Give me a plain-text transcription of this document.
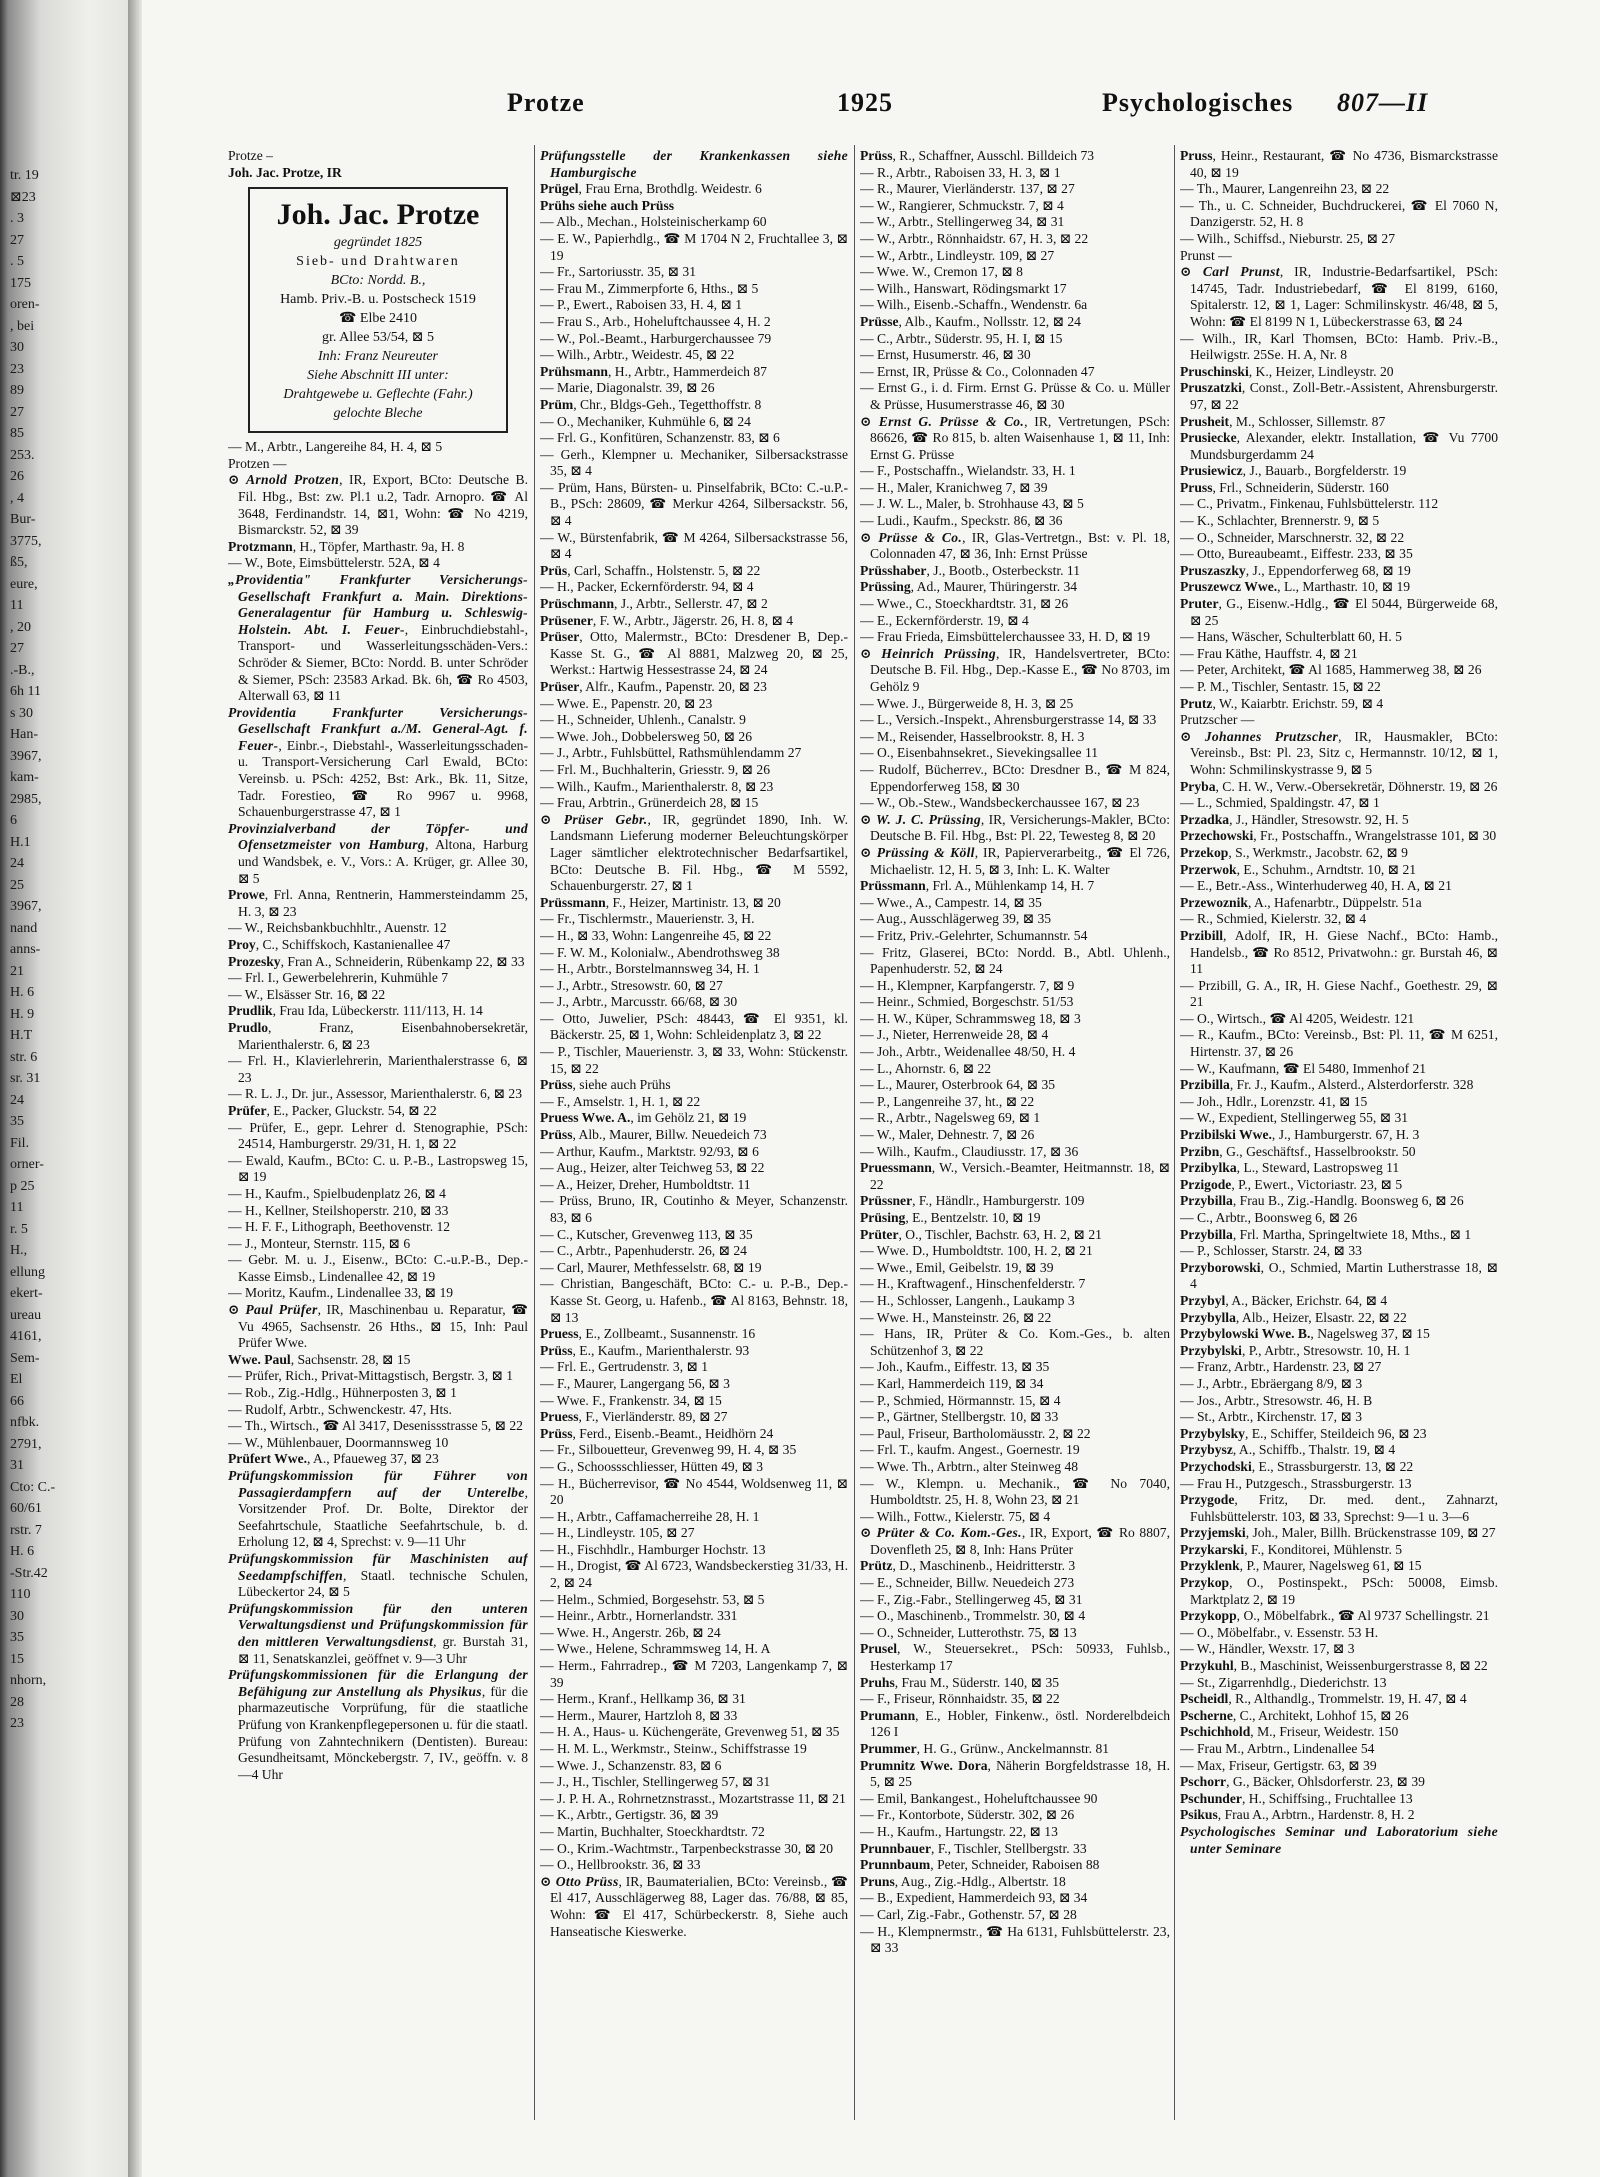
tr. 19
⊠23
. 3
27
. 5
175
oren-
, bei
30
23
89
27
85
253.
26
, 4
Bur-
3775,
ß5,
eure,
11
, 20
27
.-B.,
6h 11
s 30
Han-
3967,
kam-
2985,
6
H.1
24
25
3967,
nand
anns-
21
H. 6
H. 9
H.T
str. 6
sr. 31
24
35
Fil.
orner-
p 25
11
r. 5
H.,
ellung
ekert-
ureau
4161,
Sem-
El
66
nfbk.
2791,
31
Cto: C.-
60/61
rstr. 7
H. 6
-Str.42
110
30
35
15
nhorn,
28
23
Protze	1925	Psychologisches 807—II

Protze –

Joh. Jac. Protze, IR

Joh. Jac. Protze
gegründet 1825
Sieb- und Drahtwaren
BCto: Nordd. B.,
Hamb. Priv.-B. u. Postscheck 1519
☎ Elbe 2410
gr. Allee 53/54, ⊠ 5
Inh: Franz Neureuter
Siehe Abschnitt III unter:
Drahtgewebe u. Geflechte (Fahr.)
gelochte Bleche

— M., Arbtr., Langereihe 84, H. 4, ⊠ 5

Protzen —

⊙ Arnold Protzen, IR, Export, BCto: Deutsche B. Fil. Hbg., Bst: zw. Pl.1 u.2, Tadr. Arnopro. ☎ Al 3648, Ferdinandstr. 14, ⊠1, Wohn: ☎ No 4219, Bismarckstr. 52, ⊠ 39

Protzmann, H., Töpfer, Marthastr. 9a, H. 8

— W., Bote, Eimsbüttelerstr. 52A, ⊠ 4

„Providentia" Frankfurter Versicherungs-Gesellschaft Frankfurt a. Main. Direktions-Generalagentur für Hamburg u. Schleswig-Holstein. Abt. I. Feuer-, Einbruchdiebstahl-, Transport- und Wasserleitungsschäden-Vers.: Schröder & Siemer, BCto: Nordd. B. unter Schröder & Siemer, PSch: 23583 Arkad. Bk. 6h, ☎ Ro 4503, Alterwall 63, ⊠ 11

Providentia Frankfurter Versicherungs-Gesellschaft Frankfurt a./M. General-Agt. f. Feuer-, Einbr.-, Diebstahl-, Wasserleitungsschaden- u. Transport-Versicherung Carl Ewald, BCto: Vereinsb. u. PSch: 4252, Bst: Ark., Bk. 11, Sitze, Tadr. Forestieo, ☎ Ro 9967 u. 9968, Schauenburgerstrasse 47, ⊠ 1

Provinzialverband der Töpfer- und Ofensetzmeister von Hamburg, Altona, Harburg und Wandsbek, e. V., Vors.: A. Krüger, gr. Allee 30, ⊠ 5

Prowe, Frl. Anna, Rentnerin, Hammersteindamm 25, H. 3, ⊠ 23

— W., Reichsbankbuchhltr., Auenstr. 12

Proy, C., Schiffskoch, Kastanienallee 47

Prozesky, Fran A., Schneiderin, Rübenkamp 22, ⊠ 33

— Frl. I., Gewerbelehrerin, Kuhmühle 7

— W., Elsässer Str. 16, ⊠ 22

Prudlik, Frau Ida, Lübeckerstr. 111/113, H. 14

Prudlo, Franz, Eisenbahnobersekretär, Marienthalerstr. 6, ⊠ 23

— Frl. H., Klavierlehrerin, Marienthalerstrasse 6, ⊠ 23

— R. L. J., Dr. jur., Assessor, Marienthalerstr. 6, ⊠ 23

Prüfer, E., Packer, Gluckstr. 54, ⊠ 22

— Prüfer, E., gepr. Lehrer d. Stenographie, PSch: 24514, Hamburgerstr. 29/31, H. 1, ⊠ 22

— Ewald, Kaufm., BCto: C. u. P.-B., Lastropsweg 15, ⊠ 19

— H., Kaufm., Spielbudenplatz 26, ⊠ 4

— H., Kellner, Steilshoperstr. 210, ⊠ 33

— H. F. F., Lithograph, Beethovenstr. 12

— J., Monteur, Sternstr. 115, ⊠ 6

— Gebr. M. u. J., Eisenw., BCto: C.-u.P.-B., Dep.-Kasse Eimsb., Lindenallee 42, ⊠ 19

— Moritz, Kaufm., Lindenallee 33, ⊠ 19

⊙ Paul Prüfer, IR, Maschinenbau u. Reparatur, ☎ Vu 4965, Sachsenstr. 26 Hths., ⊠ 15, Inh: Paul Prüfer Wwe.

Wwe. Paul, Sachsenstr. 28, ⊠ 15

— Prüfer, Rich., Privat-Mittagstisch, Bergstr. 3, ⊠ 1

— Rob., Zig.-Hdlg., Hühnerposten 3, ⊠ 1

— Rudolf, Arbtr., Schwenckestr. 47, Hts.

— Th., Wirtsch., ☎ Al 3417, Desenissstrasse 5, ⊠ 22

— W., Mühlenbauer, Doormannsweg 10

Prüfert Wwe., A., Pfaueweg 37, ⊠ 23

Prüfungskommission für Führer von Passagierdampfern auf der Unterelbe, Vorsitzender Prof. Dr. Bolte, Direktor der Seefahrtschule, Staatliche Seefahrtschule, b. d. Erholung 12, ⊠ 4, Sprechst: v. 9—11 Uhr

Prüfungskommission für Maschinisten auf Seedampfschiffen, Staatl. technische Schulen, Lübeckertor 24, ⊠ 5

Prüfungskommission für den unteren Verwaltungsdienst und Prüfungskommission für den mittleren Verwaltungsdienst, gr. Burstah 31, ⊠ 11, Senatskanzlei, geöffnet v. 9—3 Uhr

Prüfungskommissionen für die Erlangung der Befähigung zur Anstellung als Physikus, für die pharmazeutische Vorprüfung, für die staatliche Prüfung von Krankenpflegepersonen u. für die staatl. Prüfung von Zahntechnikern (Dentisten). Bureau: Gesundheitsamt, Mönckebergstr. 7, IV., geöffn. v. 8—4 Uhr

Prüfungsstelle der Krankenkassen siehe Hamburgische

Prügel, Frau Erna, Brothdlg. Weidestr. 6

Prühs siehe auch Prüss

— Alb., Mechan., Holsteinischerkamp 60

— E. W., Papierhdlg., ☎ M 1704 N 2, Fruchtallee 3, ⊠ 19

— Fr., Sartoriusstr. 35, ⊠ 31

— Frau M., Zimmerpforte 6, Hths., ⊠ 5

— P., Ewert., Raboisen 33, H. 4, ⊠ 1

— Frau S., Arb., Hoheluftchaussee 4, H. 2

— W., Pol.-Beamt., Harburgerchaussee 79

— Wilh., Arbtr., Weidestr. 45, ⊠ 22

Prühsmann, H., Arbtr., Hammerdeich 87

— Marie, Diagonalstr. 39, ⊠ 26

Prüm, Chr., Bldgs-Geh., Tegetthoffstr. 8

— O., Mechaniker, Kuhmühle 6, ⊠ 24

— Frl. G., Konfitüren, Schanzenstr. 83, ⊠ 6

— Gerh., Klempner u. Mechaniker, Silbersackstrasse 35, ⊠ 4

— Prüm, Hans, Bürsten- u. Pinselfabrik, BCto: C.-u.P.-B., PSch: 28609, ☎ Merkur 4264, Silbersackstr. 56, ⊠ 4

— W., Bürstenfabrik, ☎ M 4264, Silbersackstrasse 56, ⊠ 4

Prüs, Carl, Schaffn., Holstenstr. 5, ⊠ 22

— H., Packer, Eckernförderstr. 94, ⊠ 4

Prüschmann, J., Arbtr., Sellerstr. 47, ⊠ 2

Prüsener, F. W., Arbtr., Jägerstr. 26, H. 8, ⊠ 4

Prüser, Otto, Malermstr., BCto: Dresdener B, Dep.-Kasse St. G., ☎ Al 8881, Malzweg 20, ⊠ 25, Werkst.: Hartwig Hessestrasse 24, ⊠ 24

Prüser, Alfr., Kaufm., Papenstr. 20, ⊠ 23

— Wwe. E., Papenstr. 20, ⊠ 23

— H., Schneider, Uhlenh., Canalstr. 9

— Wwe. Joh., Dobbelersweg 50, ⊠ 26

— J., Arbtr., Fuhlsbüttel, Rathsmühlendamm 27

— Frl. M., Buchhalterin, Griesstr. 9, ⊠ 26

— Wilh., Kaufm., Marienthalerstr. 8, ⊠ 23

— Frau, Arbtrin., Grünerdeich 28, ⊠ 15

⊙ Prüser Gebr., IR, gegründet 1890, Inh. W. Landsmann Lieferung moderner Beleuchtungskörper Lager sämtlicher elektrotechnischer Bedarfsartikel, BCto: Deutsche B. Fil. Hbg., ☎ M 5592, Schauenburgerstr. 27, ⊠ 1

Prüssmann, F., Heizer, Martinistr. 13, ⊠ 20

— Fr., Tischlermstr., Mauerienstr. 3, H.

— H., ⊠ 33, Wohn: Langenreihe 45, ⊠ 22

— F. W. M., Kolonialw., Abendrothsweg 38

— H., Arbtr., Borstelmannsweg 34, H. 1

— J., Arbtr., Stresowstr. 60, ⊠ 27

— J., Arbtr., Marcusstr. 66/68, ⊠ 30

— Otto, Juwelier, PSch: 48443, ☎ El 9351, kl. Bäckerstr. 25, ⊠ 1, Wohn: Schleidenplatz 3, ⊠ 22

— P., Tischler, Mauerienstr. 3, ⊠ 33, Wohn: Stückenstr. 15, ⊠ 22

Prüss, siehe auch Prühs

— F., Amselstr. 1, H. 1, ⊠ 22

Pruess Wwe. A., im Gehölz 21, ⊠ 19

Prüss, Alb., Maurer, Billw. Neuedeich 73

— Arthur, Kaufm., Marktstr. 92/93, ⊠ 6

— Aug., Heizer, alter Teichweg 53, ⊠ 22

— A., Heizer, Dreher, Humboldtstr. 11

— Prüss, Bruno, IR, Coutinho & Meyer, Schanzenstr. 83, ⊠ 6

— C., Kutscher, Grevenweg 113, ⊠ 35

— C., Arbtr., Papenhuderstr. 26, ⊠ 24

— Carl, Maurer, Methfesselstr. 68, ⊠ 19

— Christian, Bangeschäft, BCto: C.- u. P.-B., Dep.-Kasse St. Georg, u. Hafenb., ☎ Al 8163, Behnstr. 18, ⊠ 13

Pruess, E., Zollbeamt., Susannenstr. 16

Prüss, E., Kaufm., Marienthalerstr. 93

— Frl. E., Gertrudenstr. 3, ⊠ 1

— F., Maurer, Langergang 56, ⊠ 3

— Wwe. F., Frankenstr. 34, ⊠ 15

Pruess, F., Vierländerstr. 89, ⊠ 27

Prüss, Ferd., Eisenb.-Beamt., Heidhörn 24

— Fr., Silbouetteur, Grevenweg 99, H. 4, ⊠ 35

— G., Schoossschliesser, Hütten 49, ⊠ 3

— H., Bücherrevisor, ☎ No 4544, Woldsenweg 11, ⊠ 20

— H., Arbtr., Caffamacherreihe 28, H. 1

— H., Lindleystr. 105, ⊠ 27

— H., Fischhdlr., Hamburger Hochstr. 13

— H., Drogist, ☎ Al 6723, Wandsbeckerstieg 31/33, H. 2, ⊠ 24

— Helm., Schmied, Borgesehstr. 53, ⊠ 5

— Heinr., Arbtr., Hornerlandstr. 331

— Wwe. H., Angerstr. 26b, ⊠ 24

— Wwe., Helene, Schrammsweg 14, H. A

— Herm., Fahrradrep., ☎ M 7203, Langenkamp 7, ⊠ 39

— Herm., Kranf., Hellkamp 36, ⊠ 31

— Herm., Maurer, Hartzloh 8, ⊠ 33

— H. A., Haus- u. Küchengeräte, Grevenweg 51, ⊠ 35

— H. M. L., Werkmstr., Steinw., Schiffstrasse 19

— Wwe. J., Schanzenstr. 83, ⊠ 6

— J., H., Tischler, Stellingerweg 57, ⊠ 31

— J. P. H. A., Rohrnetznstrasst., Mozartstrasse 11, ⊠ 21

— K., Arbtr., Gertigstr. 36, ⊠ 39

— Martin, Buchhalter, Stoeckhardtstr. 72

— O., Krim.-Wachtmstr., Tarpenbeckstrasse 30, ⊠ 20

— O., Hellbrookstr. 36, ⊠ 33

⊙ Otto Prüss, IR, Baumaterialien, BCto: Vereinsb., ☎ El 417, Ausschlägerweg 88, Lager das. 76/88, ⊠ 85, Wohn: ☎ El 417, Schürbeckerstr. 8, Siehe auch Hanseatische Kieswerke.

Prüss, R., Schaffner, Ausschl. Billdeich 73

— R., Arbtr., Raboisen 33, H. 3, ⊠ 1

— R., Maurer, Vierländerstr. 137, ⊠ 27

— W., Rangierer, Schmuckstr. 7, ⊠ 4

— W., Arbtr., Stellingerweg 34, ⊠ 31

— W., Arbtr., Rönnhaidstr. 67, H. 3, ⊠ 22

— W., Arbtr., Lindleystr. 109, ⊠ 27

— Wwe. W., Cremon 17, ⊠ 8

— Wilh., Hanswart, Rödingsmarkt 17

— Wilh., Eisenb.-Schaffn., Wendenstr. 6a

Prüsse, Alb., Kaufm., Nollsstr. 12, ⊠ 24

— C., Arbtr., Süderstr. 95, H. I, ⊠ 15

— Ernst, Husumerstr. 46, ⊠ 30

— Ernst, IR, Prüsse & Co., Colonnaden 47

— Ernst G., i. d. Firm. Ernst G. Prüsse & Co. u. Müller & Prüsse, Husumerstrasse 46, ⊠ 30

⊙ Ernst G. Prüsse & Co., IR, Vertretungen, PSch: 86626, ☎ Ro 815, b. alten Waisenhause 1, ⊠ 11, Inh: Ernst G. Prüsse

— F., Postschaffn., Wielandstr. 33, H. 1

— H., Maler, Kranichweg 7, ⊠ 39

— J. W. L., Maler, b. Strohhause 43, ⊠ 5

— Ludi., Kaufm., Speckstr. 86, ⊠ 36

⊙ Prüsse & Co., IR, Glas-Vertretgn., Bst: v. Pl. 18, Colonnaden 47, ⊠ 36, Inh: Ernst Prüsse

Prüsshaber, J., Bootb., Osterbeckstr. 11

Prüssing, Ad., Maurer, Thüringerstr. 34

— Wwe., C., Stoeckhardtstr. 31, ⊠ 26

— E., Eckernförderstr. 19, ⊠ 4

— Frau Frieda, Eimsbüttelerchaussee 33, H. D, ⊠ 19

⊙ Heinrich Prüssing, IR, Handelsvertreter, BCto: Deutsche B. Fil. Hbg., Dep.-Kasse E., ☎ No 8703, im Gehölz 9

— Wwe. J., Bürgerweide 8, H. 3, ⊠ 25

— L., Versich.-Inspekt., Ahrensburgerstrasse 14, ⊠ 33

— M., Reisender, Hasselbrookstr. 8, H. 3

— O., Eisenbahnsekret., Sievekingsallee 11

— Rudolf, Bücherrev., BCto: Dresdner B., ☎ M 824, Eppendorferweg 158, ⊠ 30

— W., Ob.-Stew., Wandsbeckerchaussee 167, ⊠ 23

⊙ W. J. C. Prüssing, IR, Versicherungs-Makler, BCto: Deutsche B. Fil. Hbg., Bst: Pl. 22, Tewesteg 8, ⊠ 20

⊙ Prüssing & Köll, IR, Papierverarbeitg., ☎ El 726, Michaelistr. 12, H. 5, ⊠ 3, Inh: L. K. Walter

Prüssmann, Frl. A., Mühlenkamp 14, H. 7

— Wwe., A., Campestr. 14, ⊠ 35

— Aug., Ausschlägerweg 39, ⊠ 35

— Fritz, Priv.-Gelehrter, Schumannstr. 54

— Fritz, Glaserei, BCto: Nordd. B., Abtl. Uhlenh., Papenhuderstr. 52, ⊠ 24

— H., Klempner, Karpfangerstr. 7, ⊠ 9

— Heinr., Schmied, Borgeschstr. 51/53

— H. W., Küper, Schrammsweg 18, ⊠ 3

— J., Nieter, Herrenweide 28, ⊠ 4

— Joh., Arbtr., Weidenallee 48/50, H. 4

— L., Ahornstr. 6, ⊠ 22

— L., Maurer, Osterbrook 64, ⊠ 35

— P., Langenreihe 37, ht., ⊠ 22

— R., Arbtr., Nagelsweg 69, ⊠ 1

— W., Maler, Dehnestr. 7, ⊠ 26

— Wilh., Kaufm., Claudiusstr. 17, ⊠ 36

Pruessmann, W., Versich.-Beamter, Heitmannstr. 18, ⊠ 22

Prüssner, F., Händlr., Hamburgerstr. 109

Prüsing, E., Bentzelstr. 10, ⊠ 19

Prüter, O., Tischler, Bachstr. 63, H. 2, ⊠ 21

— Wwe. D., Humboldtstr. 100, H. 2, ⊠ 21

— Wwe., Emil, Geibelstr. 19, ⊠ 39

— H., Kraftwagenf., Hinschenfelderstr. 7

— H., Schlosser, Langenh., Laukamp 3

— Wwe. H., Mansteinstr. 26, ⊠ 22

— Hans, IR, Prüter & Co. Kom.-Ges., b. alten Schützenhof 3, ⊠ 22

— Joh., Kaufm., Eiffestr. 13, ⊠ 35

— Karl, Hammerdeich 119, ⊠ 34

— P., Schmied, Hörmannstr. 15, ⊠ 4

— P., Gärtner, Stellbergstr. 10, ⊠ 33

— Paul, Friseur, Bartholomäusstr. 2, ⊠ 22

— Frl. T., kaufm. Angest., Goernestr. 19

— Wwe. Th., Arbtrn., alter Steinweg 48

— W., Klempn. u. Mechanik., ☎ No 7040, Humboldtstr. 25, H. 8, Wohn 23, ⊠ 21

— Wilh., Fottw., Kielerstr. 75, ⊠ 4

⊙ Prüter & Co. Kom.-Ges., IR, Export, ☎ Ro 8807, Dovenfleth 25, ⊠ 8, Inh: Hans Prüter

Prütz, D., Maschinenb., Heidritterstr. 3

— E., Schneider, Billw. Neuedeich 273

— F., Zig.-Fabr., Stellingerweg 45, ⊠ 31

— O., Maschinenb., Trommelstr. 30, ⊠ 4

— O., Schneider, Lutterothstr. 75, ⊠ 13

Prusel, W., Steuersekret., PSch: 50933, Fuhlsb., Hesterkamp 17

Pruhs, Frau M., Süderstr. 140, ⊠ 35

— F., Friseur, Rönnhaidstr. 35, ⊠ 22

Prumann, E., Hobler, Finkenw., östl. Norderelbdeich 126 I

Prummer, H. G., Grünw., Anckelmannstr. 81

Prumnitz Wwe. Dora, Näherin Borgfeldstrasse 18, H. 5, ⊠ 25

— Emil, Bankangest., Hoheluftchaussee 90

— Fr., Kontorbote, Süderstr. 302, ⊠ 26

— H., Kaufm., Hartungstr. 22, ⊠ 13

Prunnbauer, F., Tischler, Stellbergstr. 33

Prunnbaum, Peter, Schneider, Raboisen 88

Pruns, Aug., Zig.-Hdlg., Albertstr. 18

— B., Expedient, Hammerdeich 93, ⊠ 34

— Carl, Zig.-Fabr., Gothenstr. 57, ⊠ 28

— H., Klempnermstr., ☎ Ha 6131, Fuhlsbüttelerstr. 23, ⊠ 33

Pruss, Heinr., Restaurant, ☎ No 4736, Bismarckstrasse 40, ⊠ 19

— Th., Maurer, Langenreihn 23, ⊠ 22

— Th., u. C. Schneider, Buchdruckerei, ☎ El 7060 N, Danzigerstr. 52, H. 8

— Wilh., Schiffsd., Nieburstr. 25, ⊠ 27

Prunst —

⊙ Carl Prunst, IR, Industrie-Bedarfsartikel, PSch: 14745, Tadr. Industriebedarf, ☎ El 8199, 6160, Spitalerstr. 12, ⊠ 1, Lager: Schmilinskystr. 46/48, ⊠ 5, Wohn: ☎ El 8199 N 1, Lübeckerstrasse 63, ⊠ 24

— Wilh., IR, Karl Thomsen, BCto: Hamb. Priv.-B., Heilwigstr. 25Se. H. A, Nr. 8

Pruschinski, K., Heizer, Lindleystr. 20

Pruszatzki, Const., Zoll-Betr.-Assistent, Ahrensburgerstr. 97, ⊠ 22

Prusheit, M., Schlosser, Sillemstr. 87

Prusiecke, Alexander, elektr. Installation, ☎ Vu 7700 Mundsburgerdamm 24

Prusiewicz, J., Bauarb., Borgfelderstr. 19

Pruss, Frl., Schneiderin, Süderstr. 160

— C., Privatm., Finkenau, Fuhlsbüttelerstr. 112

— K., Schlachter, Brennerstr. 9, ⊠ 5

— O., Schneider, Marschnerstr. 32, ⊠ 22

— Otto, Bureaubeamt., Eiffestr. 233, ⊠ 35

Pruszaszky, J., Eppendorferweg 68, ⊠ 19

Pruszewcz Wwe., L., Marthastr. 10, ⊠ 19

Pruter, G., Eisenw.-Hdlg., ☎ El 5044, Bürgerweide 68, ⊠ 25

— Hans, Wäscher, Schulterblatt 60, H. 5

— Frau Käthe, Hauffstr. 4, ⊠ 21

— Peter, Architekt, ☎ Al 1685, Hammerweg 38, ⊠ 26

— P. M., Tischler, Sentastr. 15, ⊠ 22

Prutz, W., Kaiarbtr. Erichstr. 59, ⊠ 4

Prutzscher —

⊙ Johannes Prutzscher, IR, Hausmakler, BCto: Vereinsb., Bst: Pl. 23, Sitz c, Hermannstr. 10/12, ⊠ 1, Wohn: Schmilinskystrasse 9, ⊠ 5

Pryba, C. H. W., Verw.-Obersekretär, Döhnerstr. 19, ⊠ 26

— L., Schmied, Spaldingstr. 47, ⊠ 1

Przadka, J., Händler, Stresowstr. 92, H. 5

Przechowski, Fr., Postschaffn., Wrangelstrasse 101, ⊠ 30

Przekop, S., Werkmstr., Jacobstr. 62, ⊠ 9

Przerwok, E., Schuhm., Arndtstr. 10, ⊠ 21

— E., Betr.-Ass., Winterhuderweg 40, H. A, ⊠ 21

Przewoznik, A., Hafenarbtr., Düppelstr. 51a

— R., Schmied, Kielerstr. 32, ⊠ 4

Przibill, Adolf, IR, H. Giese Nachf., BCto: Hamb., Handelsb., ☎ Ro 8512, Privatwohn.: gr. Burstah 46, ⊠ 11

— Przibill, G. A., IR, H. Giese Nachf., Goethestr. 29, ⊠ 21

— O., Wirtsch., ☎ Al 4205, Weidestr. 121

— R., Kaufm., BCto: Vereinsb., Bst: Pl. 11, ☎ M 6251, Hirtenstr. 37, ⊠ 26

— W., Kaufmann, ☎ El 5480, Immenhof 21

Przibilla, Fr. J., Kaufm., Alsterd., Alsterdorferstr. 328

— Joh., Hdlr., Lorenzstr. 41, ⊠ 15

— W., Expedient, Stellingerweg 55, ⊠ 31

Przibilski Wwe., J., Hamburgerstr. 67, H. 3

Przibn, G., Geschäftsf., Hasselbrookstr. 50

Przibylka, L., Steward, Lastropsweg 11

Przigode, P., Ewert., Victoriastr. 23, ⊠ 5

Przybilla, Frau B., Zig.-Handlg. Boonsweg 6, ⊠ 26

— C., Arbtr., Boonsweg 6, ⊠ 26

Przybilla, Frl. Martha, Springeltwiete 18, Mths., ⊠ 1

— P., Schlosser, Starstr. 24, ⊠ 33

Przyborowski, O., Schmied, Martin Lutherstrasse 18, ⊠ 4

Przybyl, A., Bäcker, Erichstr. 64, ⊠ 4

Przybylla, Alb., Heizer, Elsastr. 22, ⊠ 22

Przybylowski Wwe. B., Nagelsweg 37, ⊠ 15

Przybylski, P., Arbtr., Stresowstr. 10, H. 1

— Franz, Arbtr., Hardenstr. 23, ⊠ 27

— J., Arbtr., Ebräergang 8/9, ⊠ 3

— Jos., Arbtr., Stresowstr. 46, H. B

— St., Arbtr., Kirchenstr. 17, ⊠ 3

Przybylsky, E., Schiffer, Steildeich 96, ⊠ 23

Przybysz, A., Schiffb., Thalstr. 19, ⊠ 4

Przychodski, E., Strassburgerstr. 13, ⊠ 22

— Frau H., Putzgesch., Strassburgerstr. 13

Przygode, Fritz, Dr. med. dent., Zahnarzt, Fuhlsbüttelerstr. 103, ⊠ 33, Sprechst: 9—1 u. 3—6

Przyjemski, Joh., Maler, Billh. Brückenstrasse 109, ⊠ 27

Przykarski, F., Konditorei, Mühlenstr. 5

Przyklenk, P., Maurer, Nagelsweg 61, ⊠ 15

Przykop, O., Postinspekt., PSch: 50008, Eimsb. Marktplatz 2, ⊠ 19

Przykopp, O., Möbelfabrk., ☎ Al 9737 Schellingstr. 21

— O., Möbelfabr., v. Essenstr. 53 H.

— W., Händler, Wexstr. 17, ⊠ 3

Przykuhl, B., Maschinist, Weissenburgerstrasse 8, ⊠ 22

— St., Zigarrenhdlg., Diederichstr. 13

Pscheidl, R., Althandlg., Trommelstr. 19, H. 47, ⊠ 4

Pscherne, C., Architekt, Lohhof 15, ⊠ 26

Pschichhold, M., Friseur, Weidestr. 150

— Frau M., Arbtrn., Lindenallee 54

— Max, Friseur, Gertigstr. 63, ⊠ 39

Pschorr, G., Bäcker, Ohlsdorferstr. 23, ⊠ 39

Pschunder, H., Schiffsing., Fruchtallee 13

Psikus, Frau A., Arbtrn., Hardenstr. 8, H. 2

Psychologisches Seminar und Laboratorium siehe unter Seminare
